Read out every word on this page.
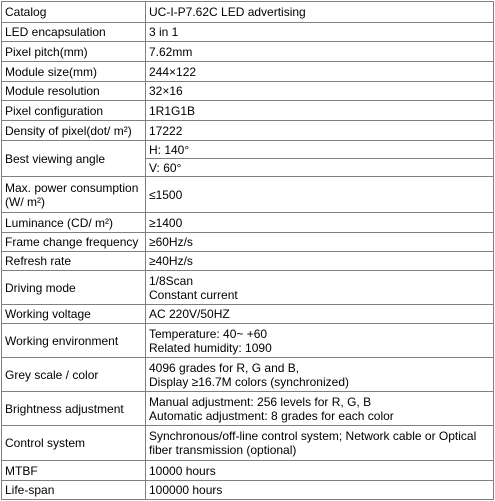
Catalog	UC-I-P7.62C LED advertising
LED encapsulation	3 in 1
Pixel pitch(mm)	7.62mm
Module size(mm)	244×122
Module resolution	32×16
Pixel configuration	1R1G1B
Density of pixel(dot/ m²)	17222
Best viewing angle	H: 140°
	V: 60°
Max. power consumption (W/ m²)	≤1500
Luminance (CD/ m²)	≥1400
Frame change frequency	≥60Hz/s
Refresh rate	≥40Hz/s
Driving mode	1/8Scan
Constant current
Working voltage	AC 220V/50HZ
Working environment	Temperature: 40~ +60
Related humidity: 1090
Grey scale / color	4096 grades for R, G and B,
Display ≥16.7M colors (synchronized)
Brightness adjustment	Manual adjustment: 256 levels for R, G, B
Automatic adjustment: 8 grades for each color
Control system	Synchronous/off-line control system; Network cable or Optical fiber transmission (optional)
MTBF	10000 hours
Life-span	100000 hours
